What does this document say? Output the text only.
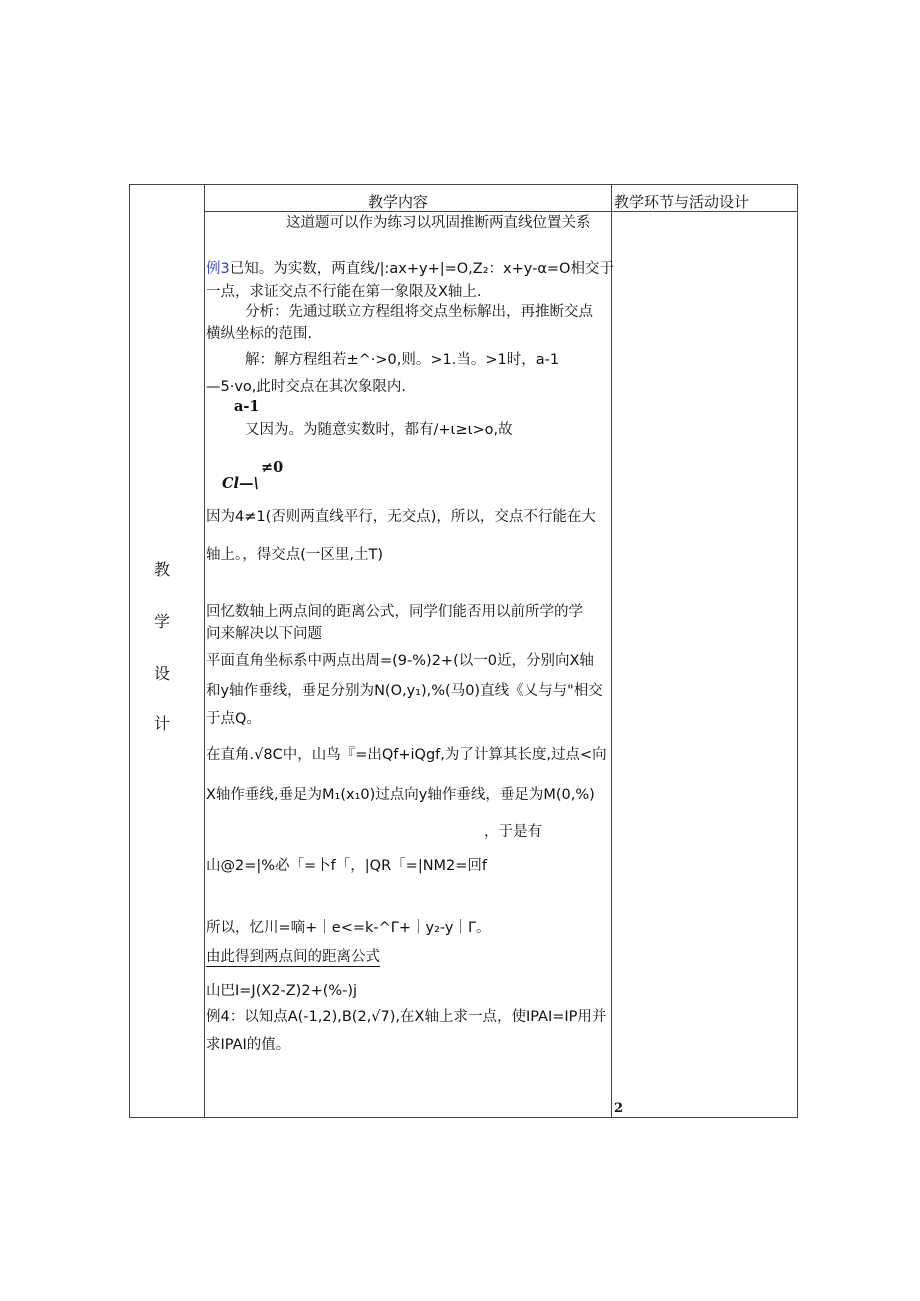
教学内容	教学环节与活动设计
教
学
设
计
这道题可以作为练习以巩固推断两直线位置关系
例3已知。为实数，两直线/|:ax+y+|=O,Z₂：x+y-α=O相交于
一点，求证交点不行能在第一象限及X轴上.
分析：先通过联立方程组将交点坐标解出，再推断交点
横纵坐标的范围.
解：解方程组若±^·>0,则。>1.当。>1时，a-1
—5·vo,此时交点在其次象限内.
a-1
又因为。为随意实数时，都有/+ι≥ι>o,故
≠0
Cl—\
因为4≠1(否则两直线平行，无交点)，所以，交点不行能在大
轴上。，得交点(一区里,土T)
回忆数轴上两点间的距离公式，同学们能否用以前所学的学
问来解决以下问题
平面直角坐标系中两点出周=(9-%)2+(以一0近，分别向X轴
和y轴作垂线，垂足分别为N(O,y₁),%(马0)直线《乂与与"相交
于点Q。
在直角.√8C中，山鸟『=出Qf+iQgf,为了计算其长度,过点<向
X轴作垂线,垂足为M₁(x₁0)过点向y轴作垂线，垂足为M(0,%)
，于是有
山@2=|%必「=卜f「，|QR「=|NM2=回f
所以，忆川=嘀+｜e<=k-^Γ+｜y₂-y｜Γ。
由此得到两点间的距离公式
山巴I=J(X2-Z)2+(%-)j
例4：以知点A(-1,2),B(2,√7),在X轴上求一点，使IPAI=IP用并
求IPAI的值。
2
